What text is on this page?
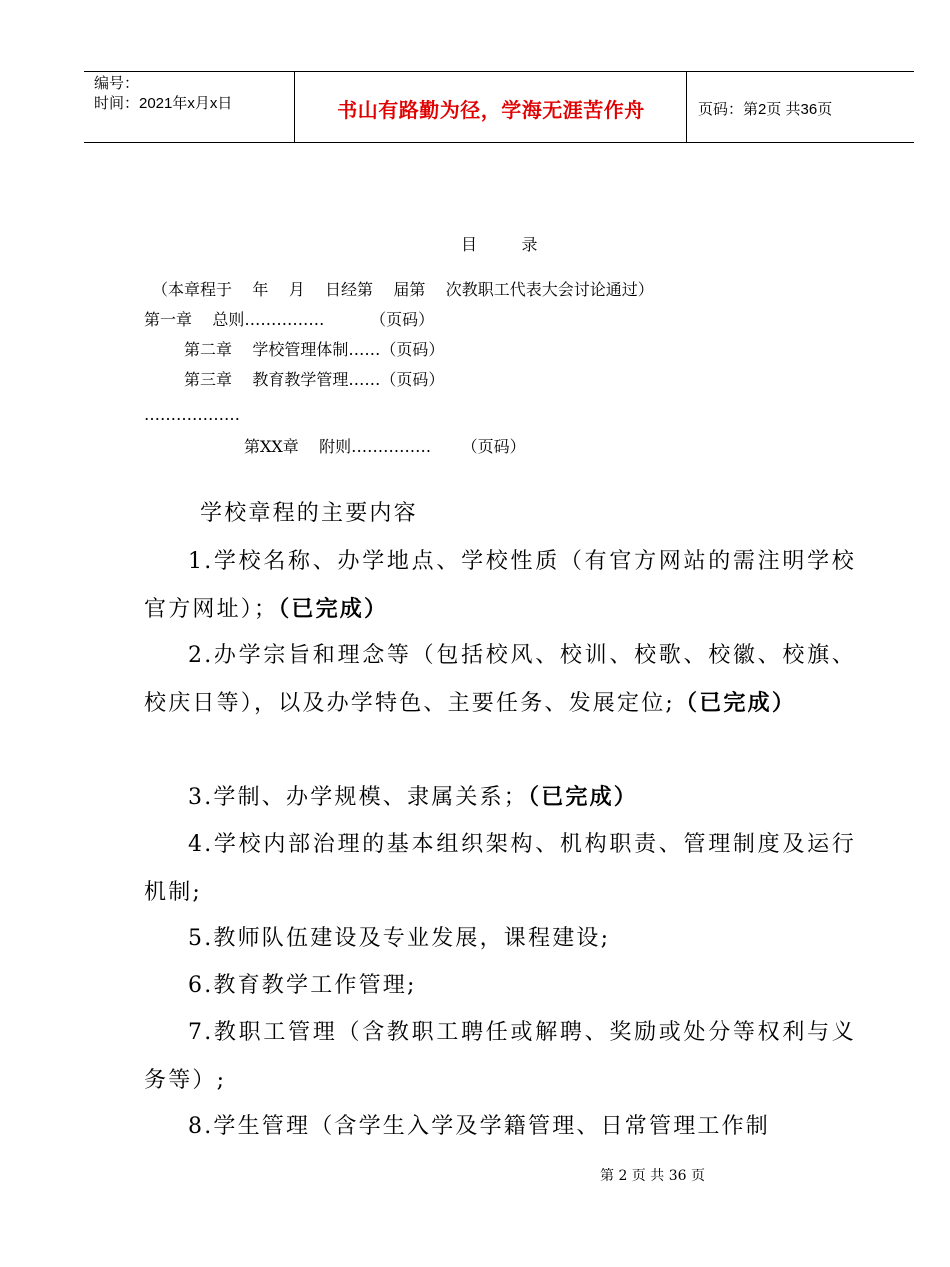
编号：
时间：2021年x月x日	书山有路勤为径，学海无涯苦作舟	页码：第2页 共36页
目      录
（本章程于    年    月    日经第    届第    次教职工代表大会讨论通过）
第一章    总则……………         （页码）
第二章    学校管理体制……（页码）
第三章    教育教学管理……（页码）
………………
第XX章    附则……………      （页码）
学校章程的主要内容
1.学校名称、办学地点、学校性质（有官方网站的需注明学校官方网址）；（已完成）
2.办学宗旨和理念等（包括校风、校训、校歌、校徽、校旗、校庆日等），以及办学特色、主要任务、发展定位;（已完成）
3.学制、办学规模、隶属关系；（已完成）
4.学校内部治理的基本组织架构、机构职责、管理制度及运行机制;
5.教师队伍建设及专业发展，课程建设;
6.教育教学工作管理;
7.教职工管理（含教职工聘任或解聘、奖励或处分等权利与义务等）;
8.学生管理（含学生入学及学籍管理、日常管理工作制
第 2 页 共 36 页
